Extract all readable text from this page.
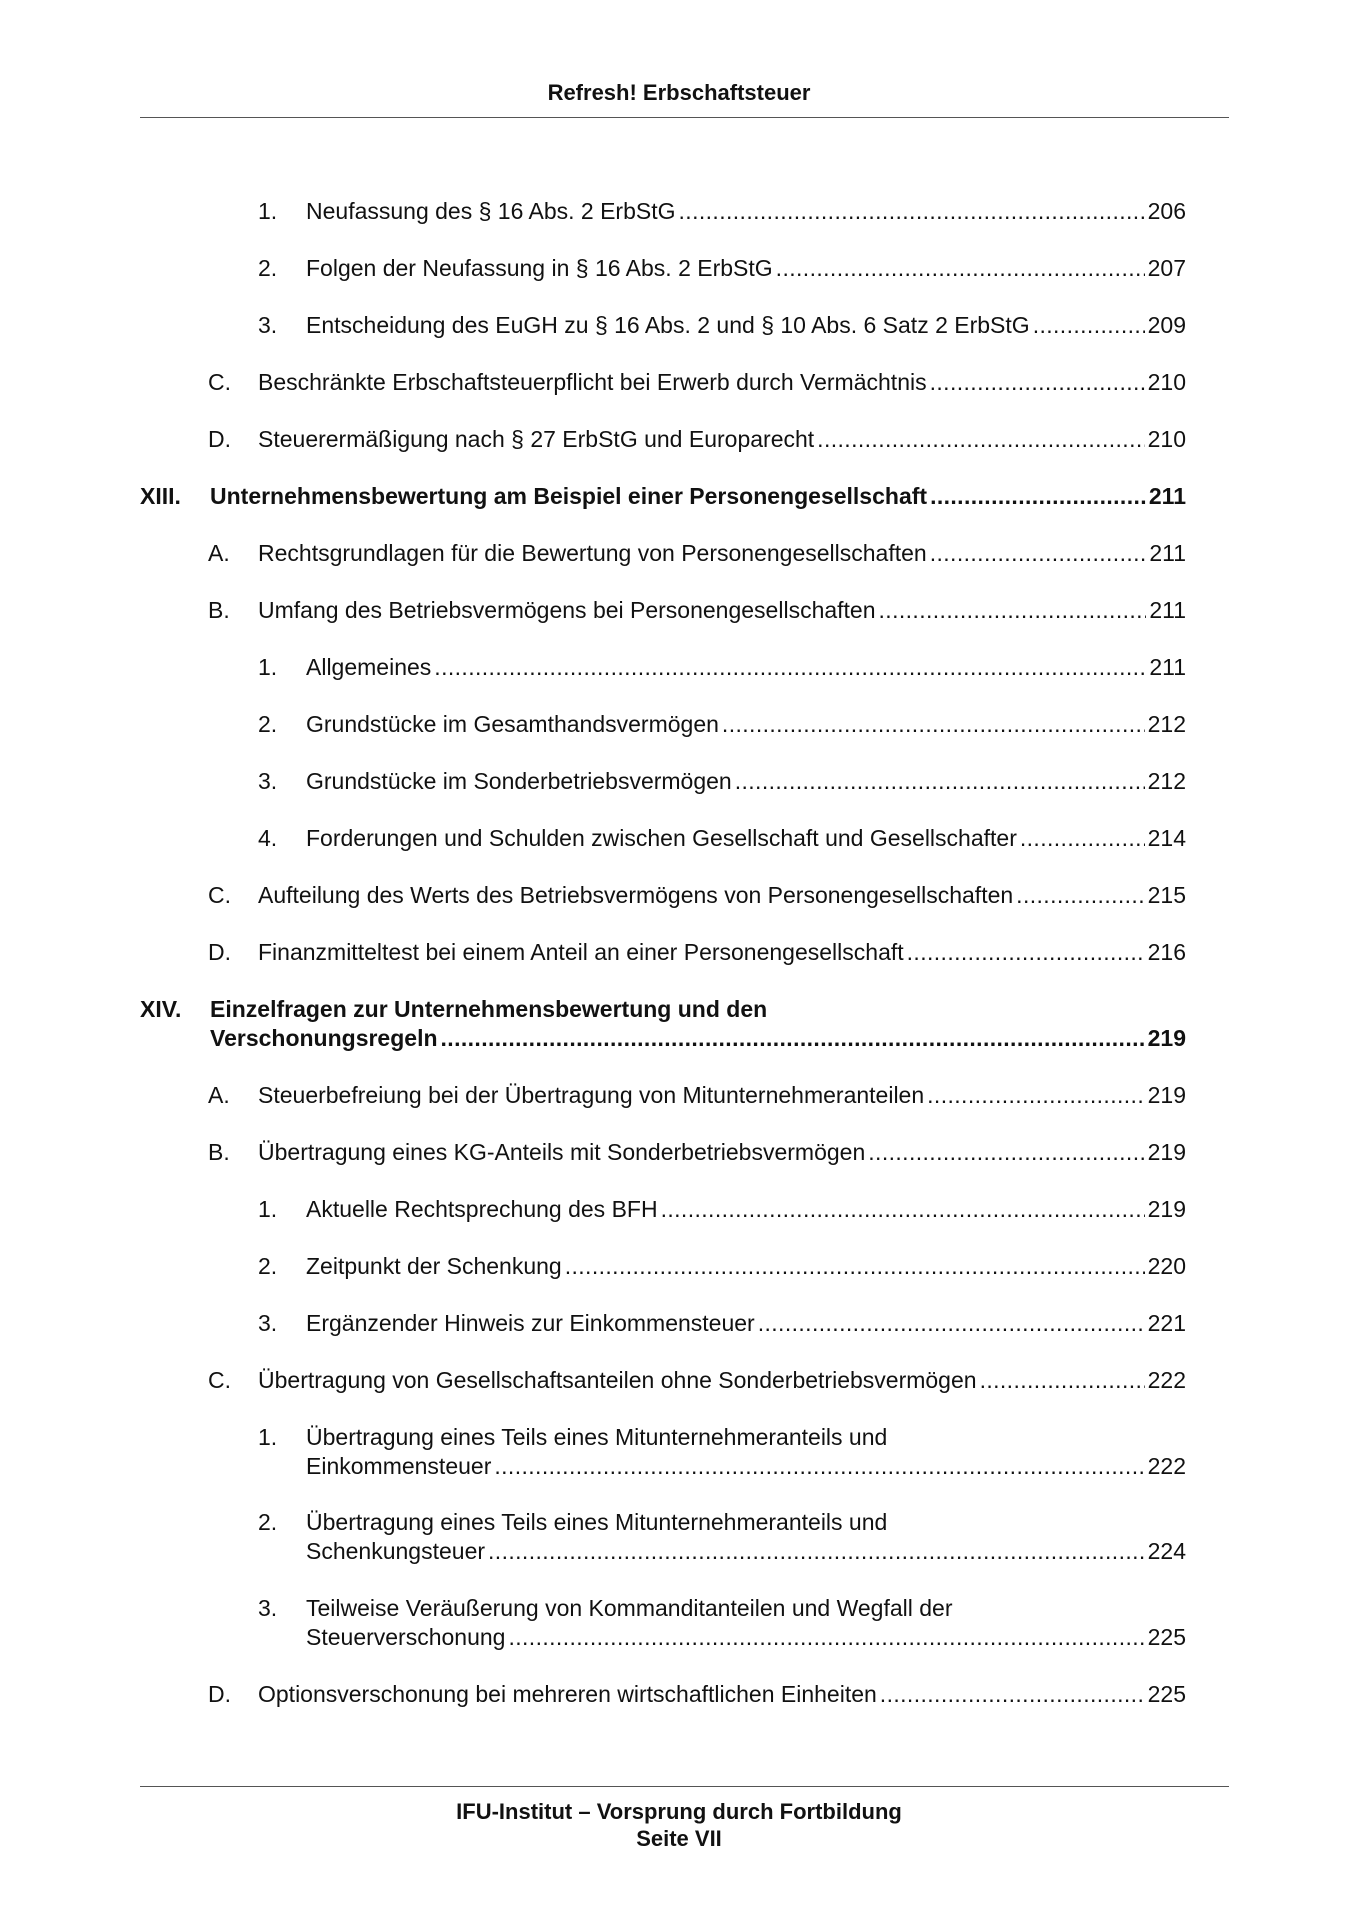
Refresh! Erbschaftsteuer
1. Neufassung des § 16 Abs. 2 ErbStG . . .	206
2. Folgen der Neufassung in § 16 Abs. 2 ErbStG . . .	207
3. Entscheidung des EuGH zu § 16 Abs. 2 und § 10 Abs. 6 Satz 2 ErbStG . . .	209
C. Beschränkte Erbschaftsteuerpflicht bei Erwerb durch Vermächtnis . . .	210
D. Steuerermäßigung nach § 27 ErbStG und Europarecht . . .	210
XIII. Unternehmensbewertung am Beispiel einer Personengesellschaft . . .	211
A. Rechtsgrundlagen für die Bewertung von Personengesellschaften . . .	211
B. Umfang des Betriebsvermögens bei Personengesellschaften . . .	211
1. Allgemeines . . .	211
2. Grundstücke im Gesamthandsvermögen . . .	212
3. Grundstücke im Sonderbetriebsvermögen . . .	212
4. Forderungen und Schulden zwischen Gesellschaft und Gesellschafter . . .	214
C. Aufteilung des Werts des Betriebsvermögens von Personengesellschaften . . .	215
D. Finanzmitteltest bei einem Anteil an einer Personengesellschaft . . .	216
XIV. Einzelfragen zur Unternehmensbewertung und den
Verschonungsregeln . . .	219
A. Steuerbefreiung bei der Übertragung von Mitunternehmeranteilen . . .	219
B. Übertragung eines KG-Anteils mit Sonderbetriebsvermögen . . .	219
1. Aktuelle Rechtsprechung des BFH . . .	219
2. Zeitpunkt der Schenkung . . .	220
3. Ergänzender Hinweis zur Einkommensteuer . . .	221
C. Übertragung von Gesellschaftsanteilen ohne Sonderbetriebsvermögen . . .	222
1. Übertragung eines Teils eines Mitunternehmeranteils und
Einkommensteuer . . .	222
2. Übertragung eines Teils eines Mitunternehmeranteils und
Schenkungsteuer . . .	224
3. Teilweise Veräußerung von Kommanditanteilen und Wegfall der
Steuerverschonung . . .	225
D. Optionsverschonung bei mehreren wirtschaftlichen Einheiten . . .	225
IFU-Institut – Vorsprung durch Fortbildung
Seite VII
